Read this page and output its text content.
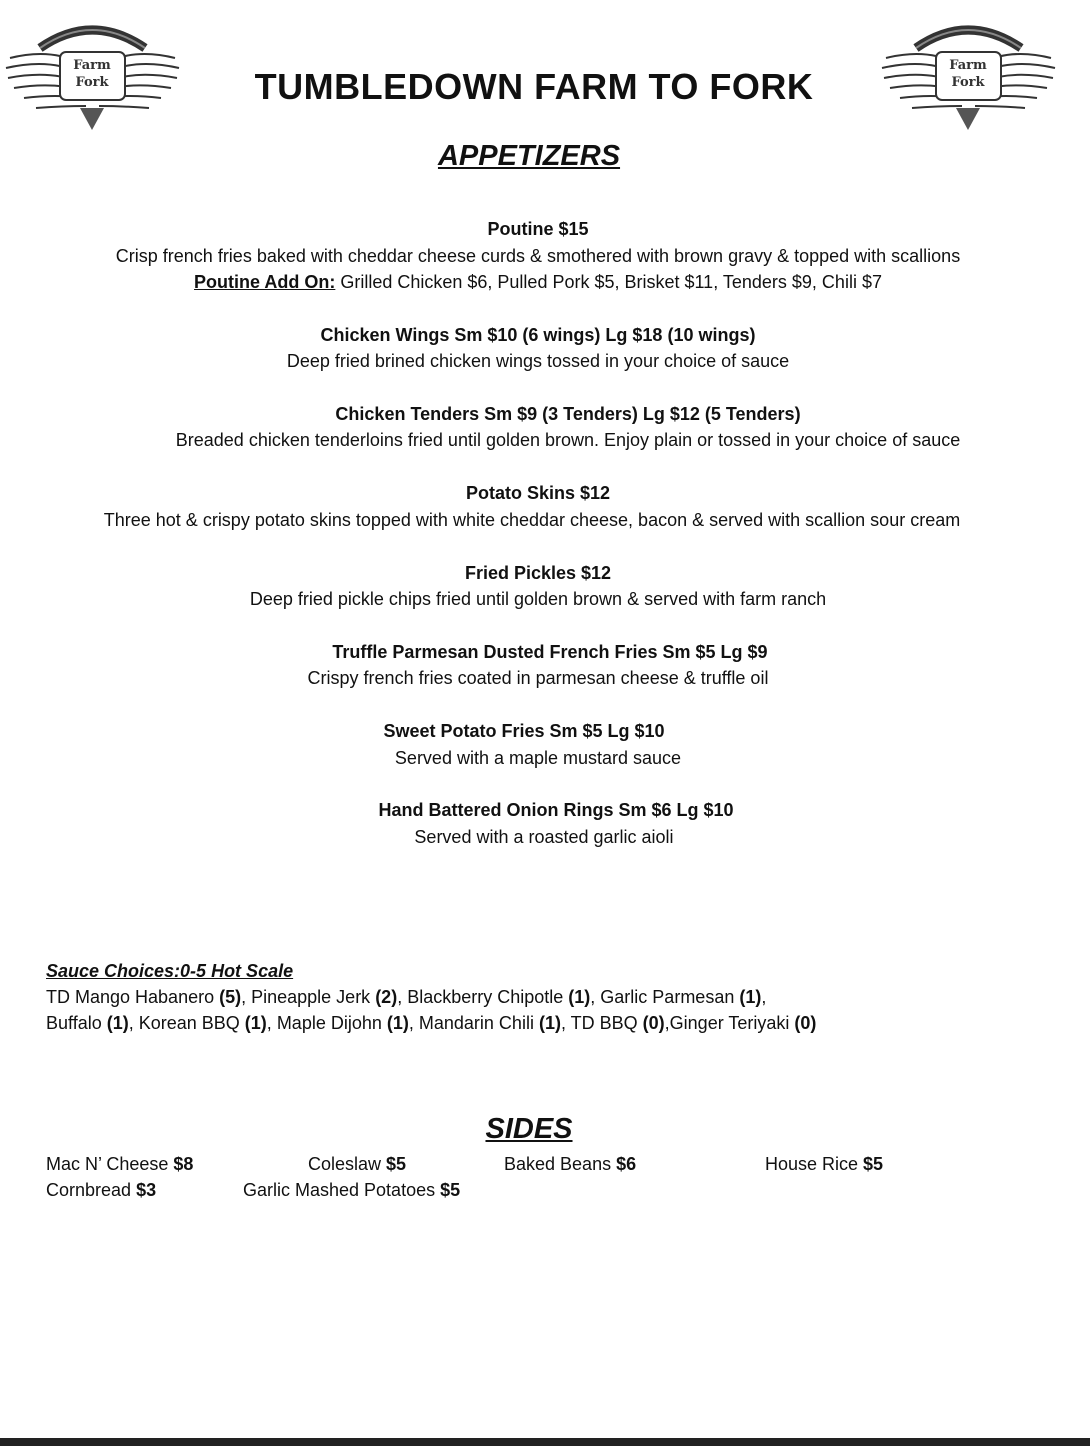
Farm
Fork	TUMBLEDOWN FARM TO FORK
Farm
Fork
APPETIZERS
Poutine $15
Crisp french fries baked with cheddar cheese curds & smothered with brown gravy & topped with scallions
Poutine Add On: Grilled Chicken $6, Pulled Pork $5, Brisket $11, Tenders $9, Chili $7
Chicken Wings Sm $10 (6 wings) Lg $18 (10 wings)
Deep fried brined chicken wings tossed in your choice of sauce
Chicken Tenders Sm $9 (3 Tenders) Lg $12 (5 Tenders)
Breaded chicken tenderloins fried until golden brown. Enjoy plain or tossed in your choice of sauce
Potato Skins $12
Three hot & crispy potato skins topped with white cheddar cheese, bacon & served with scallion sour cream
Fried Pickles $12
Deep fried pickle chips fried until golden brown & served with farm ranch
Truffle Parmesan Dusted French Fries Sm $5 Lg $9
Crispy french fries coated in parmesan cheese & truffle oil
Sweet Potato Fries Sm $5 Lg $10
Served with a maple mustard sauce
Hand Battered Onion Rings Sm $6 Lg $10
Served with a roasted garlic aioli
Sauce Choices:0-5 Hot Scale
TD Mango Habanero (5), Pineapple Jerk (2), Blackberry Chipotle (1), Garlic Parmesan (1),
Buffalo (1), Korean BBQ (1), Maple Dijohn (1), Mandarin Chili (1), TD BBQ (0),Ginger Teriyaki (0)
SIDES
Mac N’ Cheese $8	Coleslaw $5	Baked Beans $6	House Rice $5
Cornbread $3	Garlic Mashed Potatoes $5
